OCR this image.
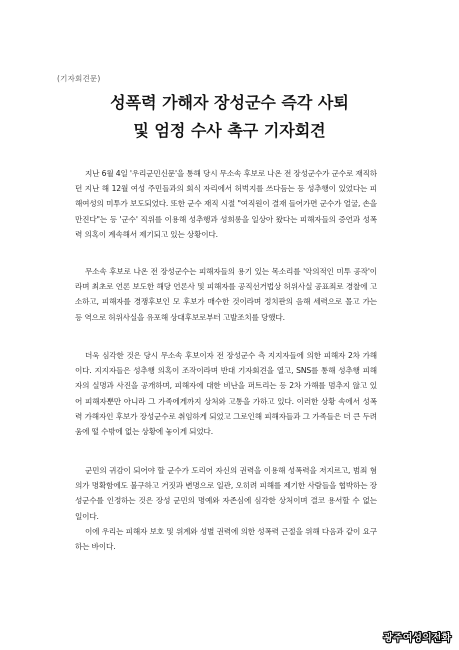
(기자회견문)
성폭력 가해자 장성군수 즉각 사퇴
및 엄정 수사 촉구 기자회견
지난 6월 4일 '우리군민신문'을 통해 당시 무소속 후보로 나온 전 장성군수가 군수로 재직하던 지난 해 12월 여성 주민들과의 회식 자리에서 허벅지를 쓰다듬는 등 성추행이 있었다는 피해여성의 미투가 보도되었다. 또한 군수 재직 시절 "여직원이 결재 들어가면 군수가 얼굴, 손을 만진다"는 등 '군수' 직위를 이용해 성추행과 성희롱을 일상아 왔다는 피해자들의 증언과 성폭력 의혹이 계속해서 제기되고 있는 상황이다.
무소속 후보로 나온 전 장성군수는 피해자들의 용기 있는 목소리를 '악의적인 미투 공작'이라며 최초로 언론 보도한 해당 언론사 및 피해자를 공직선거법상 허위사실 공표죄로 경찰에 고소하고, 피해자를 경쟁후보인 모 후보가 매수한 것이라며 정치판의 음해 세력으로 몰고 가는 등 역으로 허위사실을 유포해 상대후보로부터 고발조치를 당했다.
더욱 심각한 것은 당시 무소속 후보이자 전 장성군수 측 지지자들에 의한 피해자 2차 가해이다. 지지자들은 성추행 의혹이 조작이라며 반대 기자회견을 열고, SNS를 통해 성추행 피해자의 실명과 사진을 공개하며, 피해자에 대한 비난을 퍼트리는 등 2차 가해를 멈추지 않고 있어 피해자뿐만 아니라 그 가족에게까지 상처와 고통을 가하고 있다. 이러한 상황 속에서 성폭력 가해자인 후보가 장성군수로 취임하게 되었고 그로인해 피해자들과 그 가족들은 더 큰 두려움에 떨 수밖에 없는 상황에 놓이게 되었다.
군민의 귀감이 되어야 할 군수가 도리어 자신의 권력을 이용해 성폭력을 저지르고, 범죄 혐의가 명확함에도 불구하고 거짓과 변명으로 일관, 오히려 피해를 제기한 사람들을 협박하는 장성군수를 인정하는 것은 장성 군민의 명예와 자존심에 심각한 상처이며 결코 용서할 수 없는 일이다.
이에 우리는 피해자 보호 및 위계와 성별 권력에 의한 성폭력 근절을 위해 다음과 같이 요구하는 바이다.
광주여성의전화
